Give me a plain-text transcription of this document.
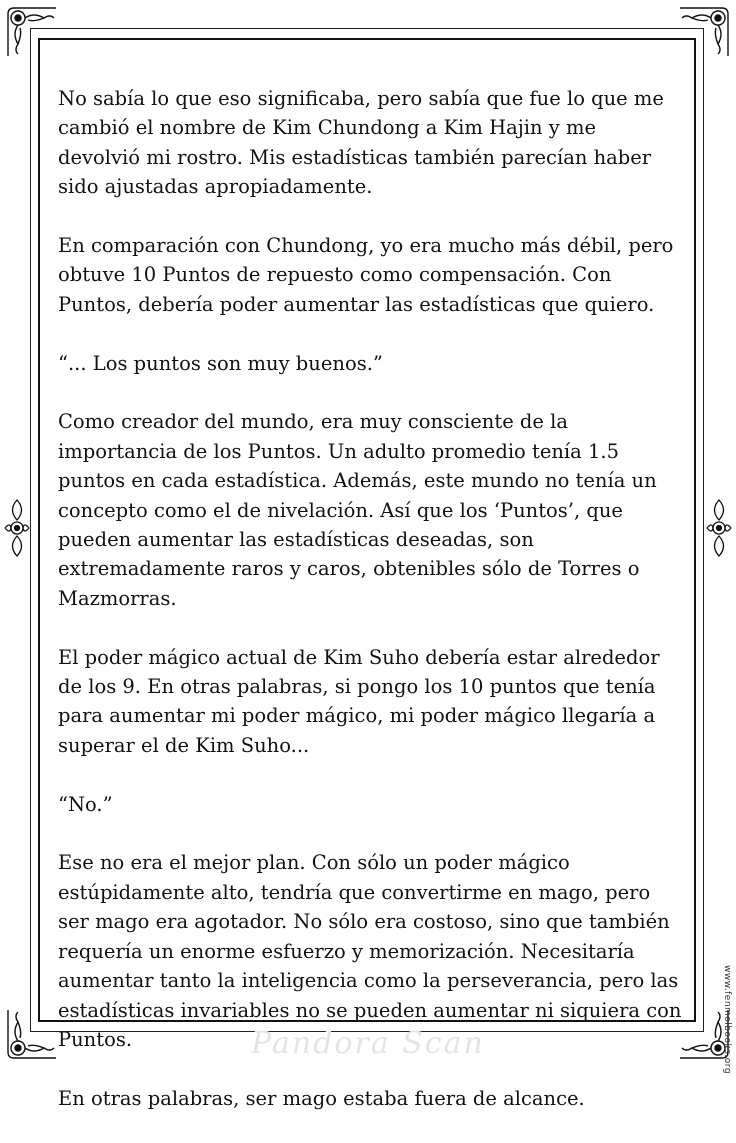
No sabía lo que eso significaba, pero sabía que fue lo que me cambió el nombre de Kim Chundong a Kim Hajin y me devolvió mi rostro. Mis estadísticas también parecían haber sido ajustadas apropiadamente.

En comparación con Chundong, yo era mucho más débil, pero obtuve 10 Puntos de repuesto como compensación. Con Puntos, debería poder aumentar las estadísticas que quiero.

“... Los puntos son muy buenos.”

Como creador del mundo, era muy consciente de la importancia de los Puntos. Un adulto promedio tenía 1.5 puntos en cada estadística. Además, este mundo no tenía un concepto como el de nivelación. Así que los ‘Puntos’, que pueden aumentar las estadísticas deseadas, son extremadamente raros y caros, obtenibles sólo de Torres o Mazmorras.

El poder mágico actual de Kim Suho debería estar alrededor de los 9. En otras palabras, si pongo los 10 puntos que tenía para aumentar mi poder mágico, mi poder mágico llegaría a superar el de Kim Suho...

“No.”

Ese no era el mejor plan. Con sólo un poder mágico estúpidamente alto, tendría que convertirme en mago, pero ser mago era agotador. No sólo era costoso, sino que también requería un enorme esfuerzo y memorización. Necesitaría aumentar tanto la inteligencia como la perseverancia, pero las estadísticas invariables no se pueden aumentar ni siquiera con Puntos.

En otras palabras, ser mago estaba fuera de alcance.

www.fenmolbooks.org
Pandora Scan
